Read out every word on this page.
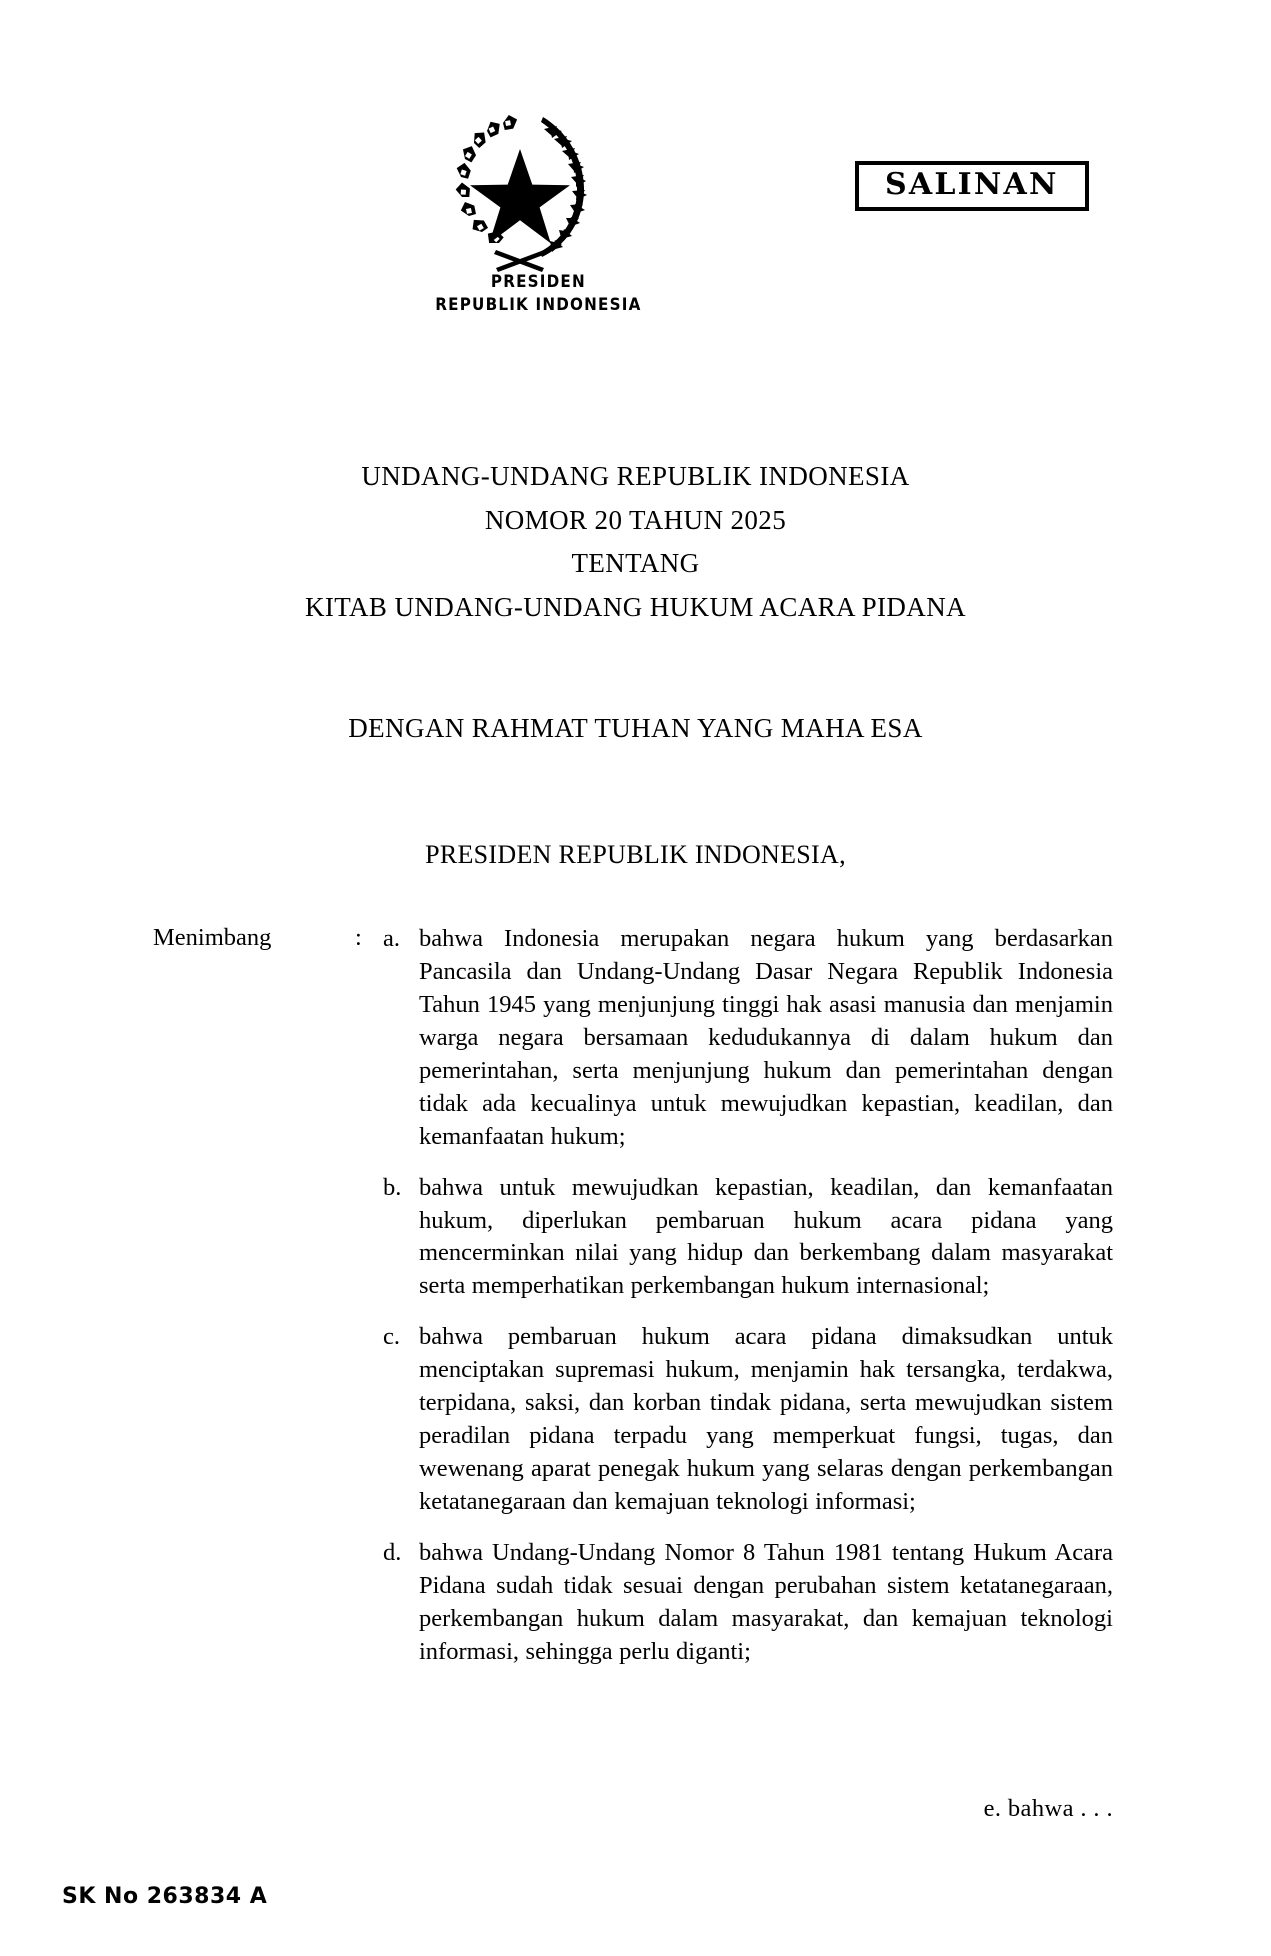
SALINAN
PRESIDEN
REPUBLIK INDONESIA
UNDANG-UNDANG REPUBLIK INDONESIA
NOMOR 20 TAHUN 2025
TENTANG
KITAB UNDANG-UNDANG HUKUM ACARA PIDANA
DENGAN RAHMAT TUHAN YANG MAHA ESA
PRESIDEN REPUBLIK INDONESIA,
Menimbang	: a. bahwa Indonesia merupakan negara hukum yang berdasarkan Pancasila dan Undang-Undang Dasar Negara Republik Indonesia Tahun 1945 yang menjunjung tinggi hak asasi manusia dan menjamin warga negara bersamaan kedudukannya di dalam hukum dan pemerintahan, serta menjunjung hukum dan pemerintahan dengan tidak ada kecualinya untuk mewujudkan kepastian, keadilan, dan kemanfaatan hukum;
b. bahwa untuk mewujudkan kepastian, keadilan, dan kemanfaatan hukum, diperlukan pembaruan hukum acara pidana yang mencerminkan nilai yang hidup dan berkembang dalam masyarakat serta memperhatikan perkembangan hukum internasional;
c. bahwa pembaruan hukum acara pidana dimaksudkan untuk menciptakan supremasi hukum, menjamin hak tersangka, terdakwa, terpidana, saksi, dan korban tindak pidana, serta mewujudkan sistem peradilan pidana terpadu yang memperkuat fungsi, tugas, dan wewenang aparat penegak hukum yang selaras dengan perkembangan ketatanegaraan dan kemajuan teknologi informasi;
d. bahwa Undang-Undang Nomor 8 Tahun 1981 tentang Hukum Acara Pidana sudah tidak sesuai dengan perubahan sistem ketatanegaraan, perkembangan hukum dalam masyarakat, dan kemajuan teknologi informasi, sehingga perlu diganti;
e. bahwa . . .
SK No 263834 A
